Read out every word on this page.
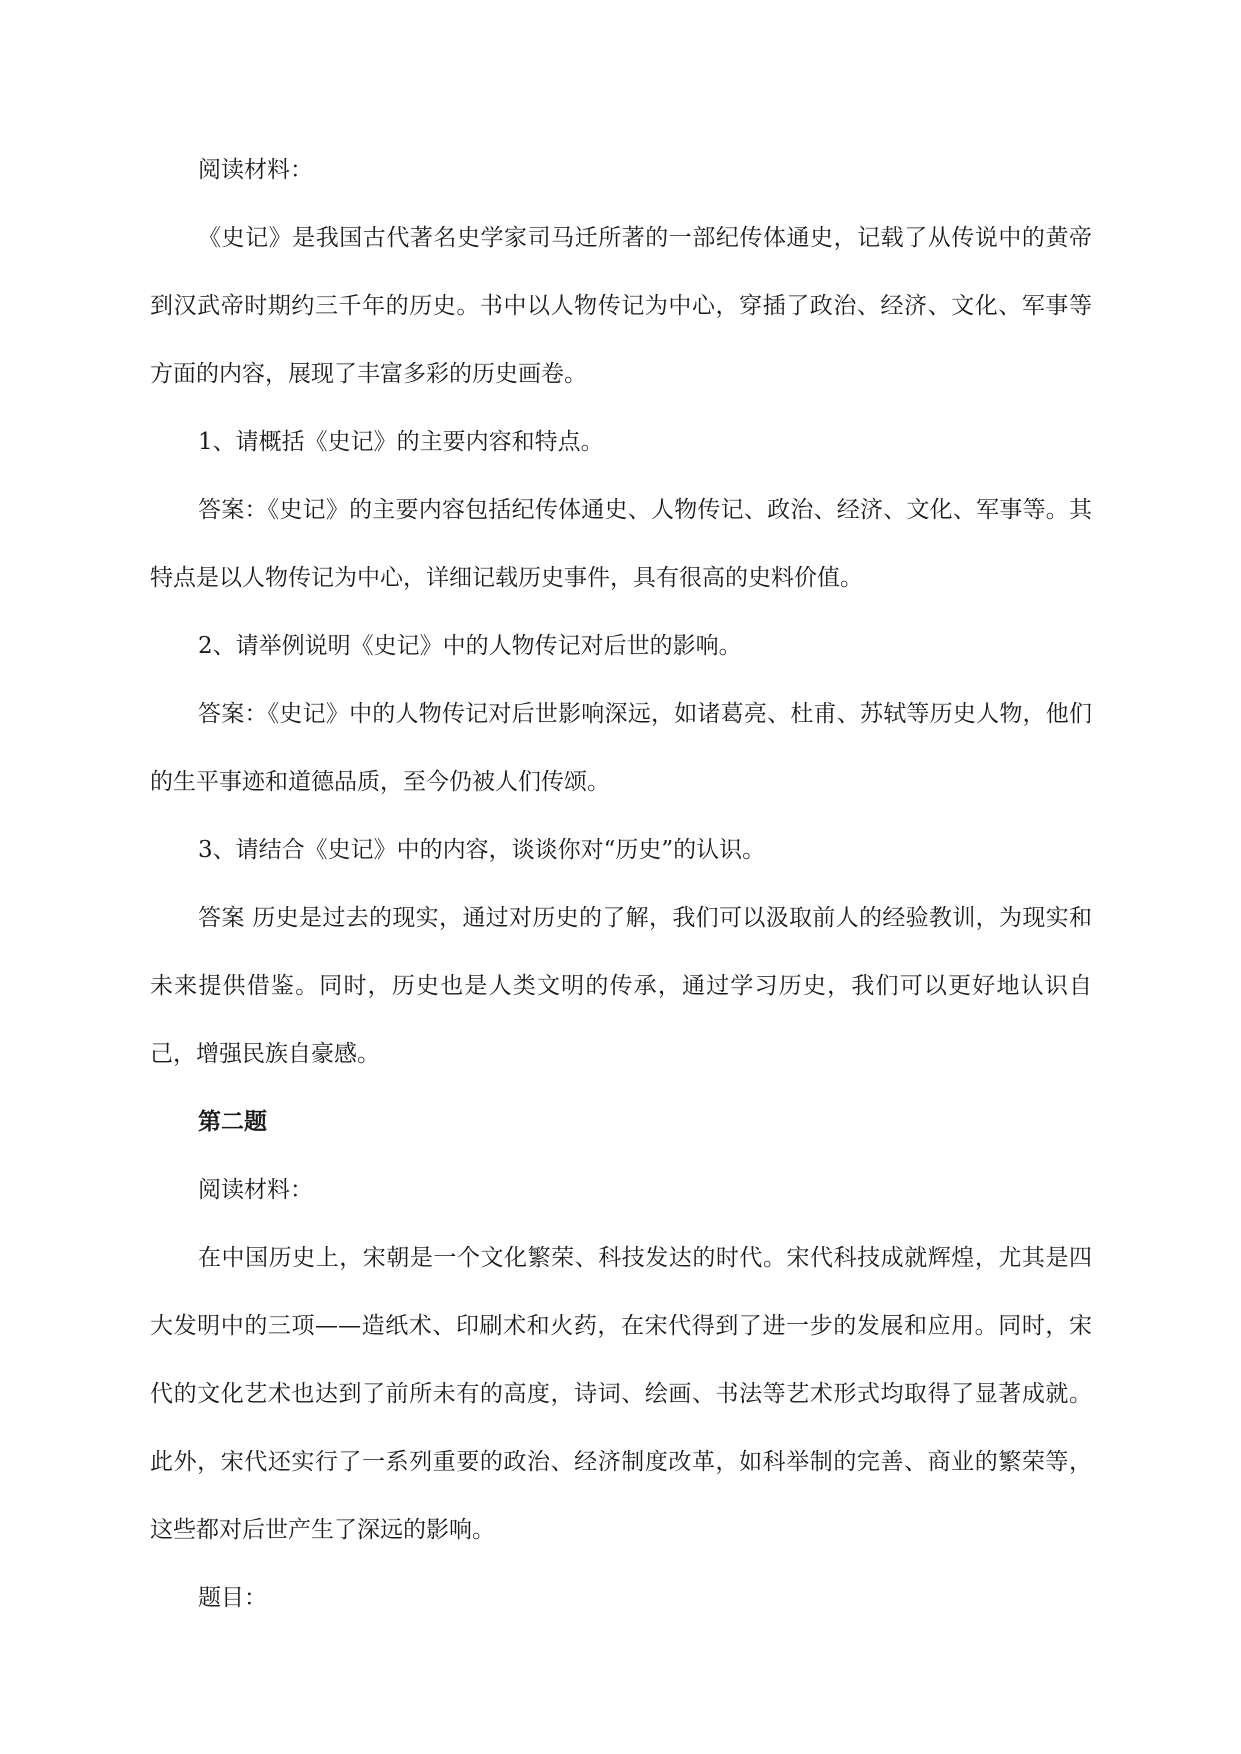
阅读材料：

《史记》是我国古代著名史学家司马迁所著的一部纪传体通史，记载了从传说中的黄帝到汉武帝时期约三千年的历史。书中以人物传记为中心，穿插了政治、经济、文化、军事等方面的内容，展现了丰富多彩的历史画卷。

1、请概括《史记》的主要内容和特点。

答案：《史记》的主要内容包括纪传体通史、人物传记、政治、经济、文化、军事等。其特点是以人物传记为中心，详细记载历史事件，具有很高的史料价值。

2、请举例说明《史记》中的人物传记对后世的影响。

答案：《史记》中的人物传记对后世影响深远，如诸葛亮、杜甫、苏轼等历史人物，他们的生平事迹和道德品质，至今仍被人们传颂。

3、请结合《史记》中的内容，谈谈你对“历史”的认识。

答案 历史是过去的现实，通过对历史的了解，我们可以汲取前人的经验教训，为现实和未来提供借鉴。同时，历史也是人类文明的传承，通过学习历史，我们可以更好地认识自己，增强民族自豪感。

第二题

阅读材料：

在中国历史上，宋朝是一个文化繁荣、科技发达的时代。宋代科技成就辉煌，尤其是四大发明中的三项——造纸术、印刷术和火药，在宋代得到了进一步的发展和应用。同时，宋代的文化艺术也达到了前所未有的高度，诗词、绘画、书法等艺术形式均取得了显著成就。此外，宋代还实行了一系列重要的政治、经济制度改革，如科举制的完善、商业的繁荣等，这些都对后世产生了深远的影响。

题目：
